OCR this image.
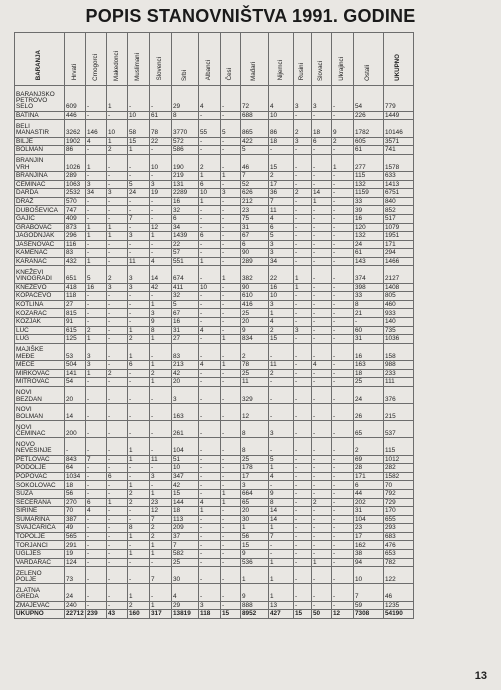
POPIS STANOVNIŠTVA 1991. GODINE
BARANJA	Hrvati	Crnogorci	Makedonci	Muslimani	Slovenci	Srbi	Albanci	Česi	Mađari	Nijemci	Rusini	Slovaci	Ukrajinci	Ostali	UKUPNO

BARANJSKO
PETROVO
SELO	609	-	1	-	-	29	4	-	72	4	3	3	-	54	779

BATINA	446	-	-	10	61	8	-	-	688	10	-	-	-	226	1449

BELI
MANASTIR	3262	146	10	58	78	3770	55	5	865	86	2	18	9	1782	10146

BILJE	1902	4	1	15	22	572	-	-	422	18	3	6	2	605	3571

BOLMAN	86	-	2	1	-	586	-	-	5	-	-	-	-	61	741

BRANJIN
VRH	1026	1	-	-	10	190	2	-	46	15	-	-	1	277	1578

BRANJINA	289	-	-	-	-	219	1	1	7	2	-	-	-	115	633

ČEMINAC	1063	3	-	5	3	131	6	-	52	17	-	-	-	132	1413

DARDA	2532	34	3	24	19	2289	10	3	626	36	2	14	-	1159	6751

DRAŽ	570	-	-	-	-	16	1	-	212	7	-	1	-	33	840

DUBOŠEVICA	747	-	-	-	-	32	-	-	23	11	-	-	-	39	852

GAJIĆ	409	-	-	7	-	6	-	-	75	4	-	-	-	16	517

GRABOVAC	873	1	1	-	12	34	-	-	31	6	-	-	-	120	1079

JAGODNJAK	296	1	1	3	1	1439	6	-	67	5	-	-	-	132	1951

JASENOVAC	116	-	-	-	-	22	-	-	6	3	-	-	-	24	171

KAMENAC	83	-	-	-	-	57	-	-	90	3	-	-	-	61	294

KARANAC	432	1	-	11	4	551	1	-	289	34	-	-	-	143	1466

KNEŽEVI
VINOGRADI	651	5	2	3	14	674	-	1	382	22	1	-	-	374	2127

KNEŽEVO	418	16	3	3	42	411	10	-	90	16	1	-	-	398	1408

KOPAČEVO	118	-	-	-	-	32	-	-	610	10	-	-	-	33	805

KOTLINA	27	-	-	-	1	5	-	-	416	3	-	-	-	8	460

KOZARAC	815	-	-	-	3	67	-	-	25	1	-	-	-	21	933

KOZJAK	91	-	-	-	9	16	-	-	20	4	-	-	-	-	140

LUČ	615	2	-	1	8	31	4	-	9	2	3	-	-	60	735

LUG	125	1	-	2	1	27	-	1	834	15	-	-	-	31	1036

MAJIŠKE
MEĐE	53	3	-	1	-	83	-	-	2	-	-	-	-	16	158

MECE	504	3	-	6	1	213	4	1	78	11	-	4	-	163	988

MIRKOVAC	141	1	2	-	2	42	-	-	25	2	-	-	-	18	233

MITROVAC	54	-	-	-	1	20	-	-	11	-	-	-	-	25	111

NOVI
BEZDAN	20	-	-	-	-	3	-	-	329	-	-	-	-	24	376

NOVI
BOLMAN	14	-	-	-	-	163	-	-	12	-	-	-	-	26	215

NOVI
ČEMINAC	200	-	-	-	-	261	-	-	8	3	-	-	-	65	537

NOVO
NEVESINJE	-	-	-	1	-	104	-	-	8	-	-	-	-	2	115

PETLOVAC	843	7	-	1	11	51	-	-	25	5	-	-	-	69	1012

PODOLJE	64	-	-	-	-	10	-	-	178	1	-	-	-	28	282

POPOVAC	1034	-	6	-	3	347	-	-	17	4	-	-	-	171	1582

SOKOLOVAC	18	-	-	1	-	42	-	-	3	-	-	-	-	6	70

SUZA	56	-	-	2	1	15	-	1	664	9	-	-	-	44	792

ŠEĆERANA	270	6	1	2	23	144	4	1	65	8	-	2	-	202	729

ŠIRINE	70	4	-	-	12	18	1	-	20	14	-	-	-	31	170

ŠUMARINA	387	-	-	-	7	113	-	-	30	14	-	-	-	104	655

ŠVAJCARICA	49	-	-	8	2	209	-	-	1	1	-	-	-	23	293

TOPOLJE	565	-	-	1	2	37	-	-	56	7	-	-	-	17	683

TORJANCI	291	-	-	-	1	7	-	-	15	-	-	-	-	162	476

UGLJEŠ	19	-	-	1	1	582	-	-	9	-	-	-	-	38	653

VARDARAC	124	-	-	-	-	25	-	-	536	1	-	1	-	94	782

ZELENO
POLJE	73	-	-	-	7	30	-	-	1	1	-	-	-	10	122

ZLATNA
GREDA	24	-	-	1	-	4	-	-	9	1	-	-	-	7	46

ZMAJEVAC	240	-	-	2	1	29	3	-	888	13	-	-	-	59	1235
UKUPNO	22712	239	43	160	317	13819	118	15	8952	427	15	50	12	7308	54190
13
